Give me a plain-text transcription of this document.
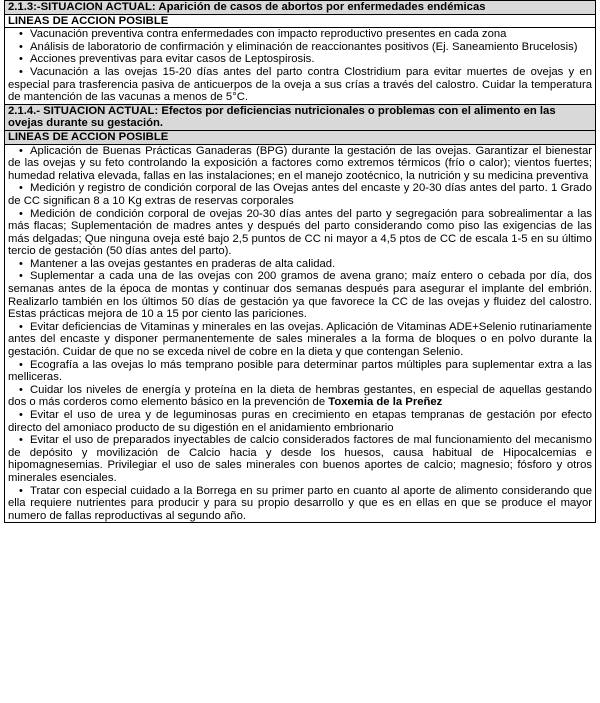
2.1.3:-SITUACION ACTUAL: Aparición de casos de abortos por enfermedades endémicas
LINEAS DE ACCION POSIBLE

• Vacunación preventiva contra enfermedades con impacto reproductivo presentes en cada zona
• Análisis de laboratorio de confirmación y eliminación de reaccionantes positivos (Ej. Saneamiento Brucelosis)
• Acciones preventivas para evitar casos de Leptospirosis.
• Vacunación a las ovejas 15-20 días antes del parto contra Clostridium para evitar muertes de ovejas y en especial para trasferencia pasiva de anticuerpos de la oveja a sus crías a través del calostro. Cuidar la temperatura de mantención de las vacunas a menos de 5°C.

2.1.4.- SITUACION ACTUAL: Efectos por deficiencias nutricionales o problemas con el alimento en las ovejas durante su gestación.
LINEAS DE ACCION POSIBLE

• Aplicación de Buenas Prácticas Ganaderas (BPG) durante la gestación de las ovejas. Garantizar el bienestar de las ovejas y su feto controlando la exposición a factores como extremos térmicos (frío o calor); vientos fuertes; humedad relativa elevada, fallas en las instalaciones; en el manejo zootécnico, la nutrición y su medicina preventiva
• Medición y registro de condición corporal de las Ovejas antes del encaste y 20-30 días antes del parto. 1 Grado de CC significan 8 a 10 Kg extras de reservas corporales
• Medición de condición corporal de ovejas 20-30 días antes del parto y segregación para sobrealimentar a las más flacas; Suplementación de madres antes y después del parto considerando como piso las exigencias de las más delgadas; Que ninguna oveja esté bajo 2,5 puntos de CC ni mayor a 4,5 ptos de CC de escala 1-5 en su último tercio de gestación (50 días antes del parto).
• Mantener a las ovejas gestantes en praderas de alta calidad.
• Suplementar a cada una de las ovejas con 200 gramos de avena grano; maíz entero o cebada por día, dos semanas antes de la época de montas y continuar dos semanas después para asegurar el implante del embrión. Realizarlo también en los últimos 50 días de gestación ya que favorece la CC de las ovejas y fluidez del calostro. Estas prácticas mejora de 10 a 15 por ciento las pariciones.
• Evitar deficiencias de Vitaminas y minerales en las ovejas. Aplicación de Vitaminas ADE+Selenio rutinariamente antes del encaste y disponer permanentemente de sales minerales a la forma de bloques o en polvo durante la gestación. Cuidar de que no se exceda nivel de cobre en la dieta y que contengan Selenio.
• Ecografía a las ovejas lo más temprano posible para determinar partos múltiples para suplementar extra a las melliceras.
• Cuidar los niveles de energía y proteína en la dieta de hembras gestantes, en especial de aquellas gestando dos o más corderos como elemento básico en la prevención de Toxemia de la Preñez
• Evitar el uso de urea y de leguminosas puras en crecimiento en etapas tempranas de gestación por efecto directo del amoniaco producto de su digestión en el anidamiento embrionario
• Evitar el uso de preparados inyectables de calcio considerados factores de mal funcionamiento del mecanismo de depósito y movilización de Calcio hacia y desde los huesos, causa habitual de Hipocalcemias e hipomagnesemias. Privilegiar el uso de sales minerales con buenos aportes de calcio; magnesio; fósforo y otros minerales esenciales.
• Tratar con especial cuidado a la Borrega en su primer parto en cuanto al aporte de alimento considerando que ella requiere nutrientes para producir y para su propio desarrollo y que es en ellas en que se produce el mayor numero de fallas reproductivas al segundo año.
